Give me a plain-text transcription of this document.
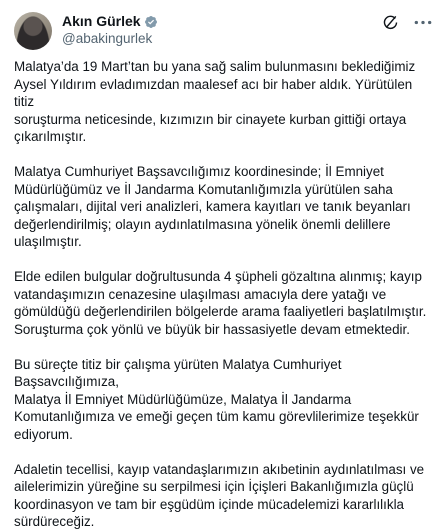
Akın Gürlek
@abakingurlek

Malatya’da 19 Mart’tan bu yana sağ salim bulunmasını beklediğimiz
Aysel Yıldırım evladımızdan maalesef acı bir haber aldık. Yürütülen titiz
soruşturma neticesinde, kızımızın bir cinayete kurban gittiği ortaya
çıkarılmıştır.

Malatya Cumhuriyet Başsavcılığımız koordinesinde; İl Emniyet
Müdürlüğümüz ve İl Jandarma Komutanlığımızla yürütülen saha
çalışmaları, dijital veri analizleri, kamera kayıtları ve tanık beyanları
değerlendirilmiş; olayın aydınlatılmasına yönelik önemli delillere
ulaşılmıştır.

Elde edilen bulgular doğrultusunda 4 şüpheli gözaltına alınmış; kayıp
vatandaşımızın cenazesine ulaşılması amacıyla dere yatağı ve
gömüldüğü değerlendirilen bölgelerde arama faaliyetleri başlatılmıştır.
Soruşturma çok yönlü ve büyük bir hassasiyetle devam etmektedir.

Bu süreçte titiz bir çalışma yürüten Malatya Cumhuriyet Başsavcılığımıza,
Malatya İl Emniyet Müdürlüğümüze, Malatya İl Jandarma
Komutanlığımıza ve emeği geçen tüm kamu görevlilerimize teşekkür
ediyorum.

Adaletin tecellisi, kayıp vatandaşlarımızın akıbetinin aydınlatılması ve
ailelerimizin yüreğine su serpilmesi için İçişleri Bakanlığımızla güçlü
koordinasyon ve tam bir eşgüdüm içinde mücadelemizi kararlılıkla
sürdüreceğiz.
